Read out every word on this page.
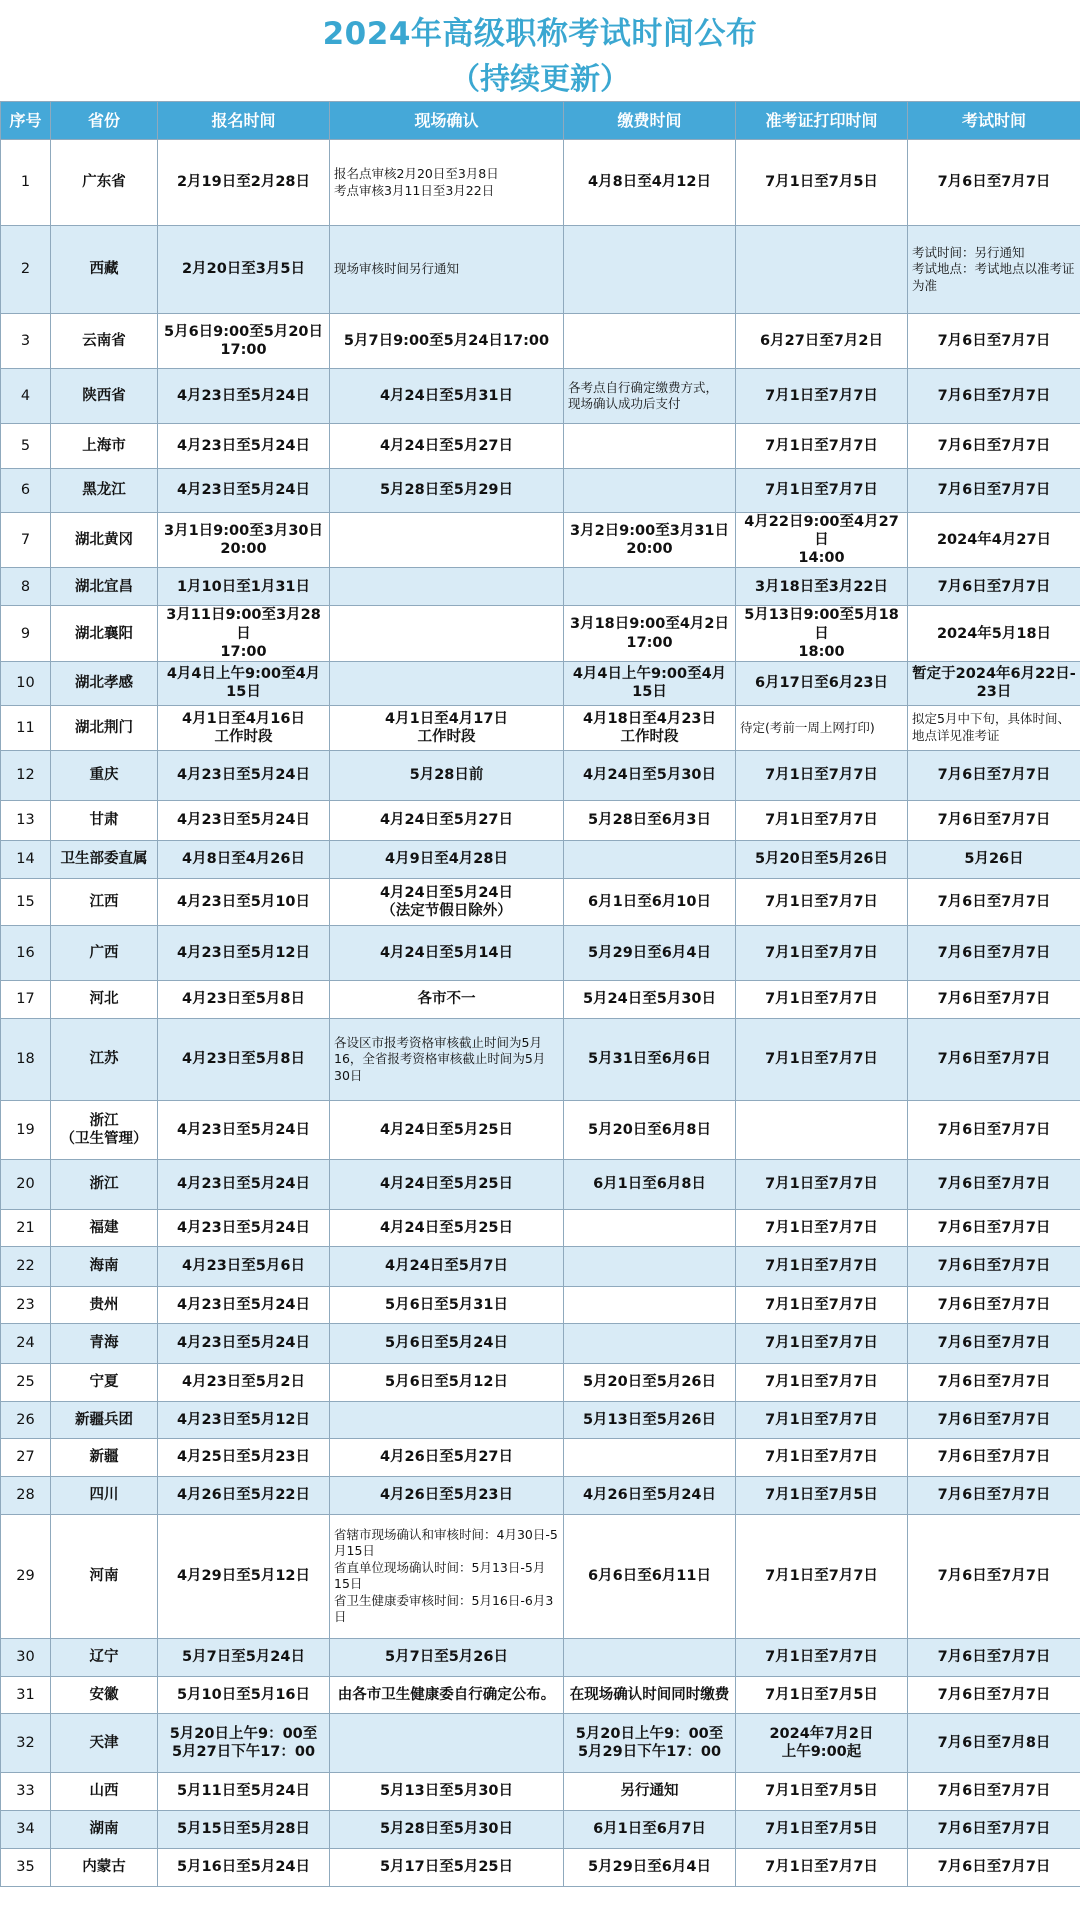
2024年高级职称考试时间公布
（持续更新）
序号	省份	报名时间	现场确认	缴费时间	准考证打印时间	考试时间
1	广东省	2月19日至2月28日	报名点审核2月20日至3月8日
考点审核3月11日至3月22日	4月8日至4月12日	7月1日至7月5日	7月6日至7月7日
2	西藏	2月20日至3月5日	现场审核时间另行通知			考试时间：另行通知
考试地点：考试地点以准考证为准
3	云南省	5月6日9:00至5月20日
17:00	5月7日9:00至5月24日17:00		6月27日至7月2日	7月6日至7月7日
4	陕西省	4月23日至5月24日	4月24日至5月31日	各考点自行确定缴费方式，
现场确认成功后支付	7月1日至7月7日	7月6日至7月7日
5	上海市	4月23日至5月24日	4月24日至5月27日		7月1日至7月7日	7月6日至7月7日
6	黑龙江	4月23日至5月24日	5月28日至5月29日		7月1日至7月7日	7月6日至7月7日
7	湖北黄冈	3月1日9:00至3月30日
20:00		3月2日9:00至3月31日
20:00	4月22日9:00至4月27日
14:00	2024年4月27日
8	湖北宜昌	1月10日至1月31日			3月18日至3月22日	7月6日至7月7日
9	湖北襄阳	3月11日9:00至3月28日
17:00		3月18日9:00至4月2日
17:00	5月13日9:00至5月18日
18:00	2024年5月18日
10	湖北孝感	4月4日上午9:00至4月
15日		4月4日上午9:00至4月
15日	6月17日至6月23日	暂定于2024年6月22日-
23日
11	湖北荆门	4月1日至4月16日
工作时段	4月1日至4月17日
工作时段	4月18日至4月23日
工作时段	待定(考前一周上网打印)	拟定5月中下旬，具体时间、地点详见准考证
12	重庆	4月23日至5月24日	5月28日前	4月24日至5月30日	7月1日至7月7日	7月6日至7月7日
13	甘肃	4月23日至5月24日	4月24日至5月27日	5月28日至6月3日	7月1日至7月7日	7月6日至7月7日
14	卫生部委直属	4月8日至4月26日	4月9日至4月28日		5月20日至5月26日	5月26日
15	江西	4月23日至5月10日	4月24日至5月24日
（法定节假日除外）	6月1日至6月10日	7月1日至7月7日	7月6日至7月7日
16	广西	4月23日至5月12日	4月24日至5月14日	5月29日至6月4日	7月1日至7月7日	7月6日至7月7日
17	河北	4月23日至5月8日	各市不一	5月24日至5月30日	7月1日至7月7日	7月6日至7月7日
18	江苏	4月23日至5月8日	各设区市报考资格审核截止时间为5月16，全省报考资格审核截止时间为5月30日	5月31日至6月6日	7月1日至7月7日	7月6日至7月7日
19	浙江
（卫生管理）	4月23日至5月24日	4月24日至5月25日	5月20日至6月8日		7月6日至7月7日
20	浙江	4月23日至5月24日	4月24日至5月25日	6月1日至6月8日	7月1日至7月7日	7月6日至7月7日
21	福建	4月23日至5月24日	4月24日至5月25日		7月1日至7月7日	7月6日至7月7日
22	海南	4月23日至5月6日	4月24日至5月7日		7月1日至7月7日	7月6日至7月7日
23	贵州	4月23日至5月24日	5月6日至5月31日		7月1日至7月7日	7月6日至7月7日
24	青海	4月23日至5月24日	5月6日至5月24日		7月1日至7月7日	7月6日至7月7日
25	宁夏	4月23日至5月2日	5月6日至5月12日	5月20日至5月26日	7月1日至7月7日	7月6日至7月7日
26	新疆兵团	4月23日至5月12日		5月13日至5月26日	7月1日至7月7日	7月6日至7月7日
27	新疆	4月25日至5月23日	4月26日至5月27日		7月1日至7月7日	7月6日至7月7日
28	四川	4月26日至5月22日	4月26日至5月23日	4月26日至5月24日	7月1日至7月5日	7月6日至7月7日
29	河南	4月29日至5月12日	省辖市现场确认和审核时间：4月30日-5月15日
省直单位现场确认时间：5月13日-5月15日
省卫生健康委审核时间：5月16日-6月3日	6月6日至6月11日	7月1日至7月7日	7月6日至7月7日
30	辽宁	5月7日至5月24日	5月7日至5月26日		7月1日至7月7日	7月6日至7月7日
31	安徽	5月10日至5月16日	由各市卫生健康委自行确定公布。	在现场确认时间同时缴费	7月1日至7月5日	7月6日至7月7日
32	天津	5月20日上午9：00至
5月27日下午17：00		5月20日上午9：00至
5月29日下午17：00	2024年7月2日
上午9:00起	7月6日至7月8日
33	山西	5月11日至5月24日	5月13日至5月30日	另行通知	7月1日至7月5日	7月6日至7月7日
34	湖南	5月15日至5月28日	5月28日至5月30日	6月1日至6月7日	7月1日至7月5日	7月6日至7月7日
35	内蒙古	5月16日至5月24日	5月17日至5月25日	5月29日至6月4日	7月1日至7月7日	7月6日至7月7日
